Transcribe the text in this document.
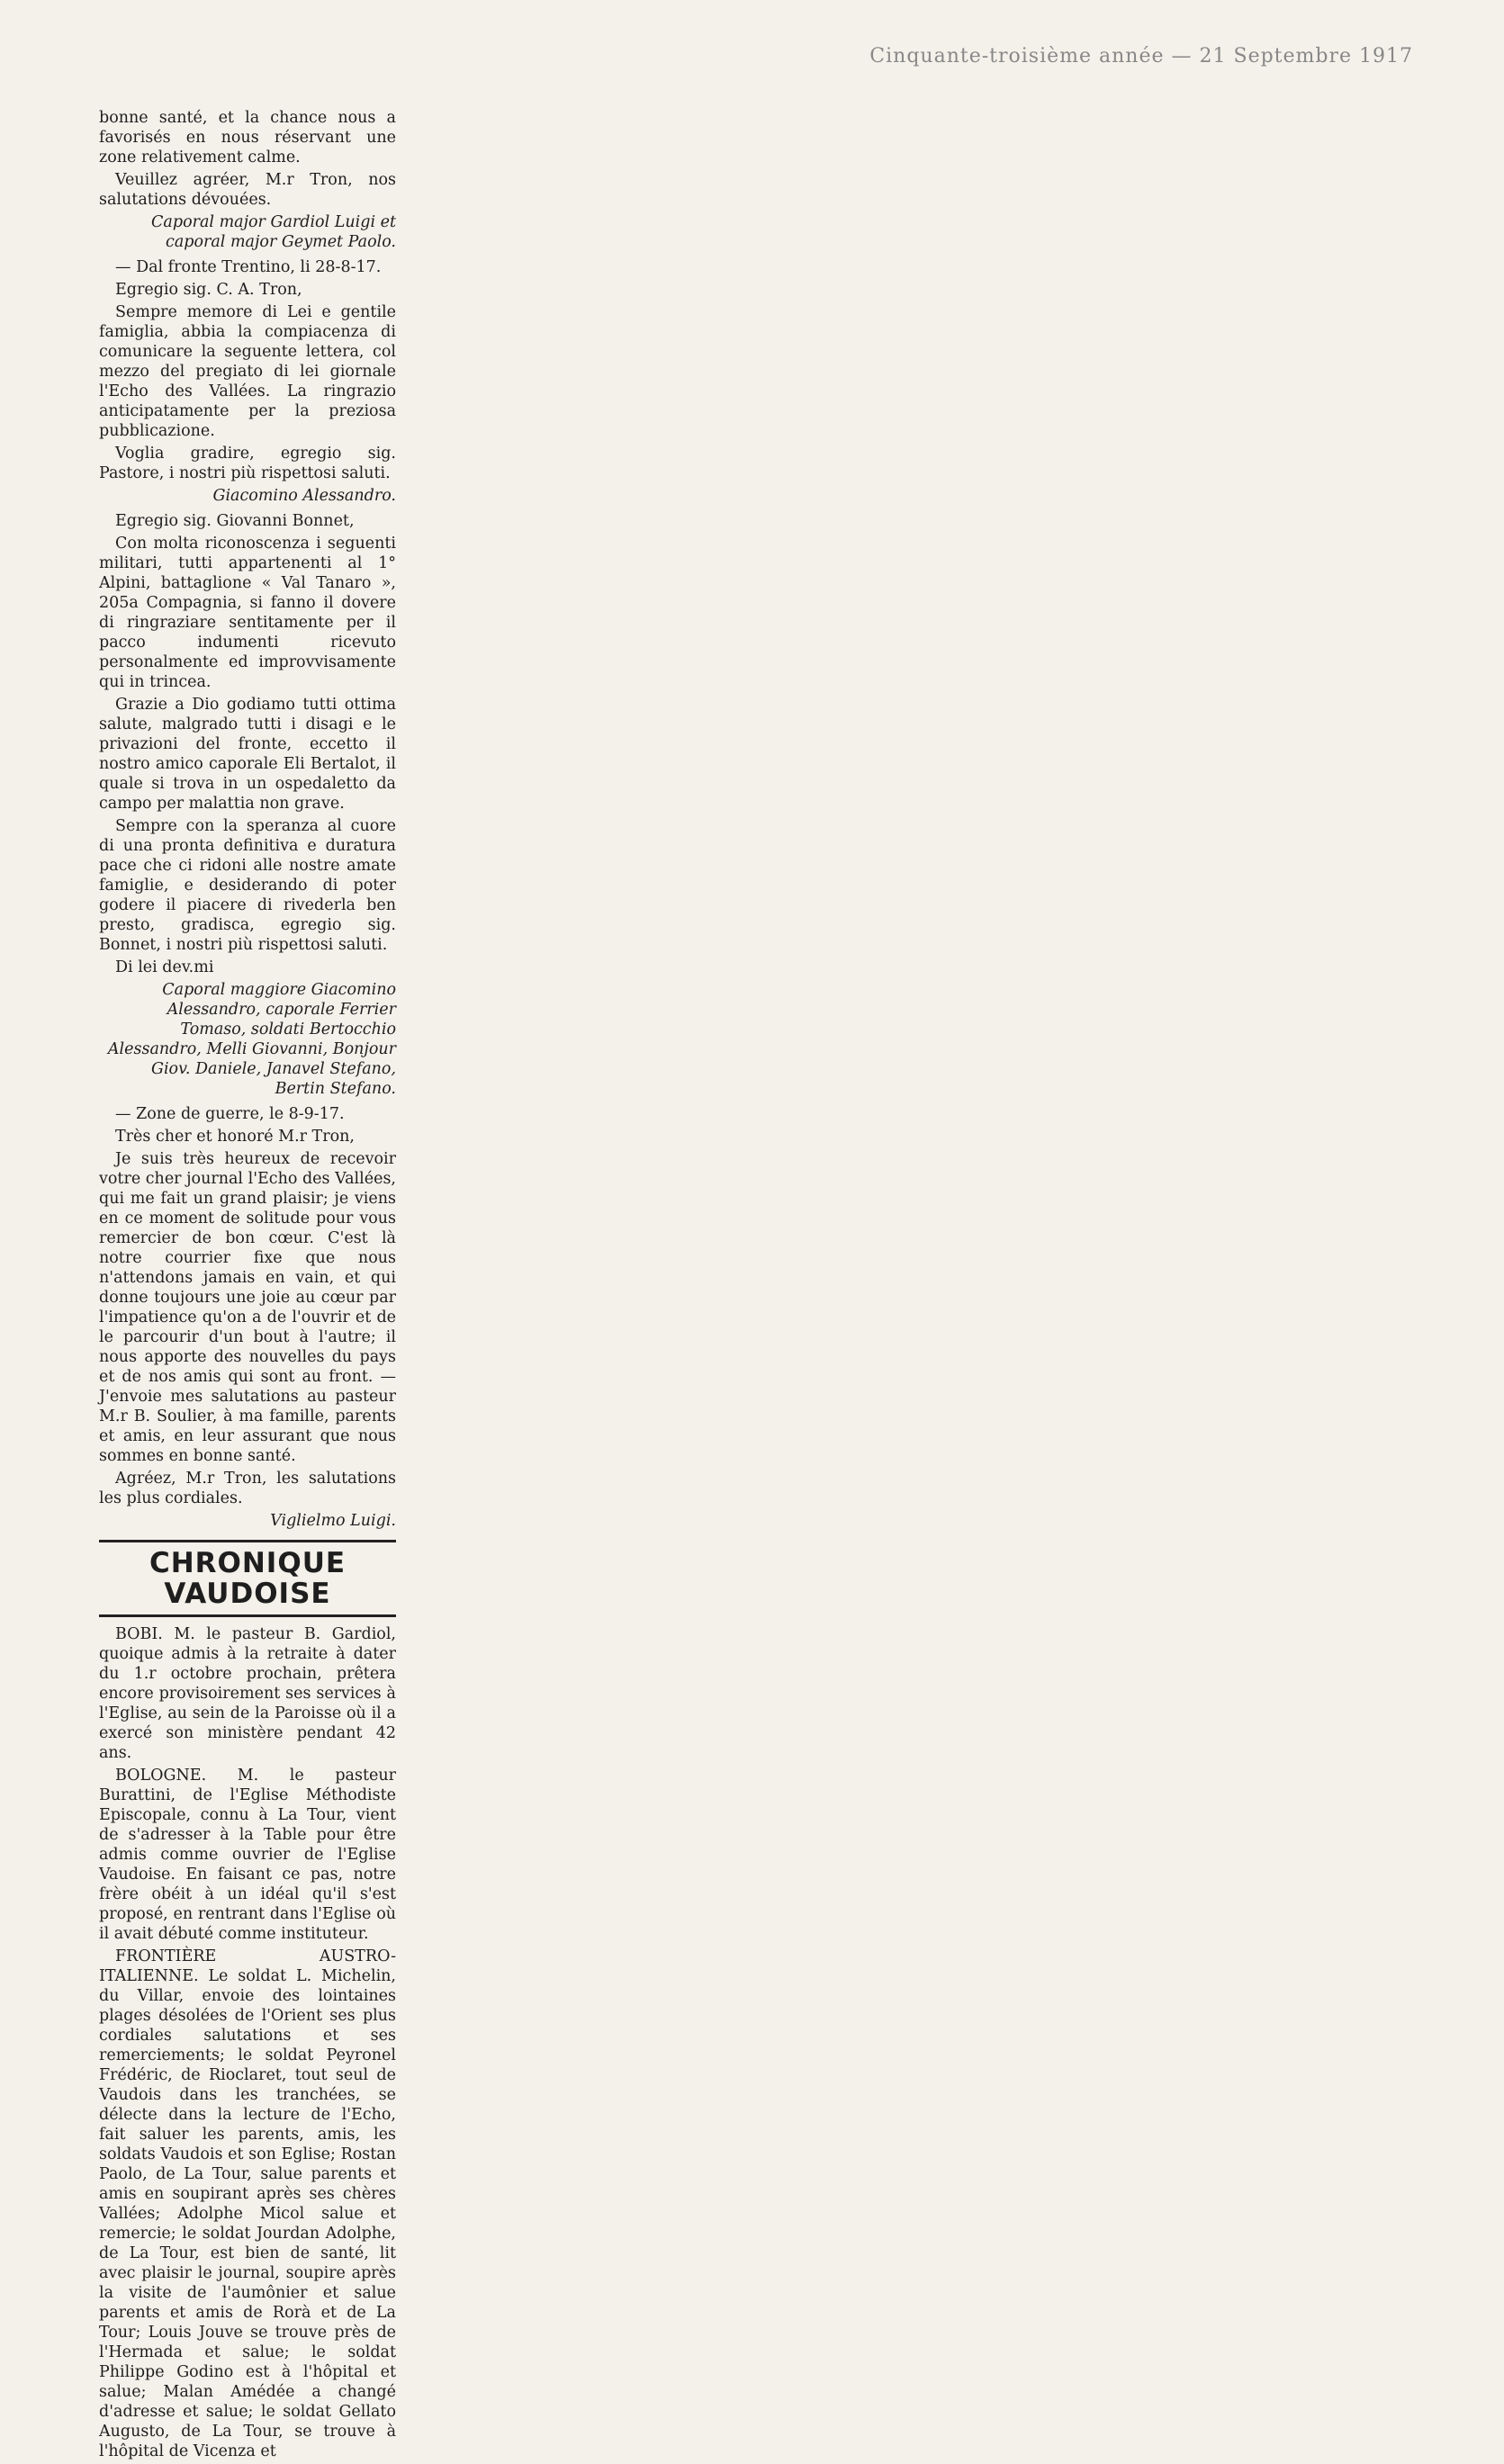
Cinquante-troisième année — 21 Septembre 1917

bonne santé, et la chance nous a favorisés en nous réservant une zone relativement calme.

Veuillez agréer, M.r Tron, nos salutations dévouées.

Caporal major Gardiol Luigi et caporal major Geymet Paolo.

— Dal fronte Trentino, li 28-8-17.

Egregio sig. C. A. Tron,

Sempre memore di Lei e gentile famiglia, abbia la compiacenza di comunicare la seguente lettera, col mezzo del pregiato di lei giornale l'Echo des Vallées. La ringrazio anticipatamente per la preziosa pubblicazione.

Voglia gradire, egregio sig. Pastore, i nostri più rispettosi saluti.

Giacomino Alessandro.

Egregio sig. Giovanni Bonnet,

Con molta riconoscenza i seguenti militari, tutti appartenenti al 1° Alpini, battaglione « Val Tanaro », 205a Compagnia, si fanno il dovere di ringraziare sentitamente per il pacco indumenti ricevuto personalmente ed improvvisamente qui in trincea.

Grazie a Dio godiamo tutti ottima salute, malgrado tutti i disagi e le privazioni del fronte, eccetto il nostro amico caporale Eli Bertalot, il quale si trova in un ospedaletto da campo per malattia non grave.

Sempre con la speranza al cuore di una pronta definitiva e duratura pace che ci ridoni alle nostre amate famiglie, e desiderando di poter godere il piacere di rivederla ben presto, gradisca, egregio sig. Bonnet, i nostri più rispettosi saluti.

Di lei dev.mi

Caporal maggiore Giacomino Alessandro, caporale Ferrier Tomaso, soldati Bertocchio Alessandro, Melli Giovanni, Bonjour Giov. Daniele, Janavel Stefano, Bertin Stefano.

— Zone de guerre, le 8-9-17.

Très cher et honoré M.r Tron,

Je suis très heureux de recevoir votre cher journal l'Echo des Vallées, qui me fait un grand plaisir; je viens en ce moment de solitude pour vous remercier de bon cœur. C'est là notre courrier fixe que nous n'attendons jamais en vain, et qui donne toujours une joie au cœur par l'impatience qu'on a de l'ouvrir et de le parcourir d'un bout à l'autre; il nous apporte des nouvelles du pays et de nos amis qui sont au front. — J'envoie mes salutations au pasteur M.r B. Soulier, à ma famille, parents et amis, en leur assurant que nous sommes en bonne santé.

Agréez, M.r Tron, les salutations les plus cordiales.

Viglielmo Luigi.
CHRONIQUE VAUDOISE

BOBI. M. le pasteur B. Gardiol, quoique admis à la retraite à dater du 1.r octobre prochain, prêtera encore provisoirement ses services à l'Eglise, au sein de la Paroisse où il a exercé son ministère pendant 42 ans.

BOLOGNE. M. le pasteur Burattini, de l'Eglise Méthodiste Episcopale, connu à La Tour, vient de s'adresser à la Table pour être admis comme ouvrier de l'Eglise Vaudoise. En faisant ce pas, notre frère obéit à un idéal qu'il s'est proposé, en rentrant dans l'Eglise où il avait débuté comme instituteur.

FRONTIÈRE AUSTRO-ITALIENNE. Le soldat L. Michelin, du Villar, envoie des lointaines plages désolées de l'Orient ses plus cordiales salutations et ses remerciements; le soldat Peyronel Frédéric, de Rioclaret, tout seul de Vaudois dans les tranchées, se délecte dans la lecture de l'Echo, fait saluer les parents, amis, les soldats Vaudois et son Eglise; Rostan Paolo, de La Tour, salue parents et amis en soupirant après ses chères Vallées; Adolphe Micol salue et remercie; le soldat Jourdan Adolphe, de La Tour, est bien de santé, lit avec plaisir le journal, soupire après la visite de l'aumônier et salue parents et amis de Rorà et de La Tour; Louis Jouve se trouve près de l'Hermada et salue; le soldat Philippe Godino est à l'hôpital et salue; Malan Amédée a changé d'adresse et salue; le soldat Gellato Augusto, de La Tour, se trouve à l'hôpital de Vicenza et
